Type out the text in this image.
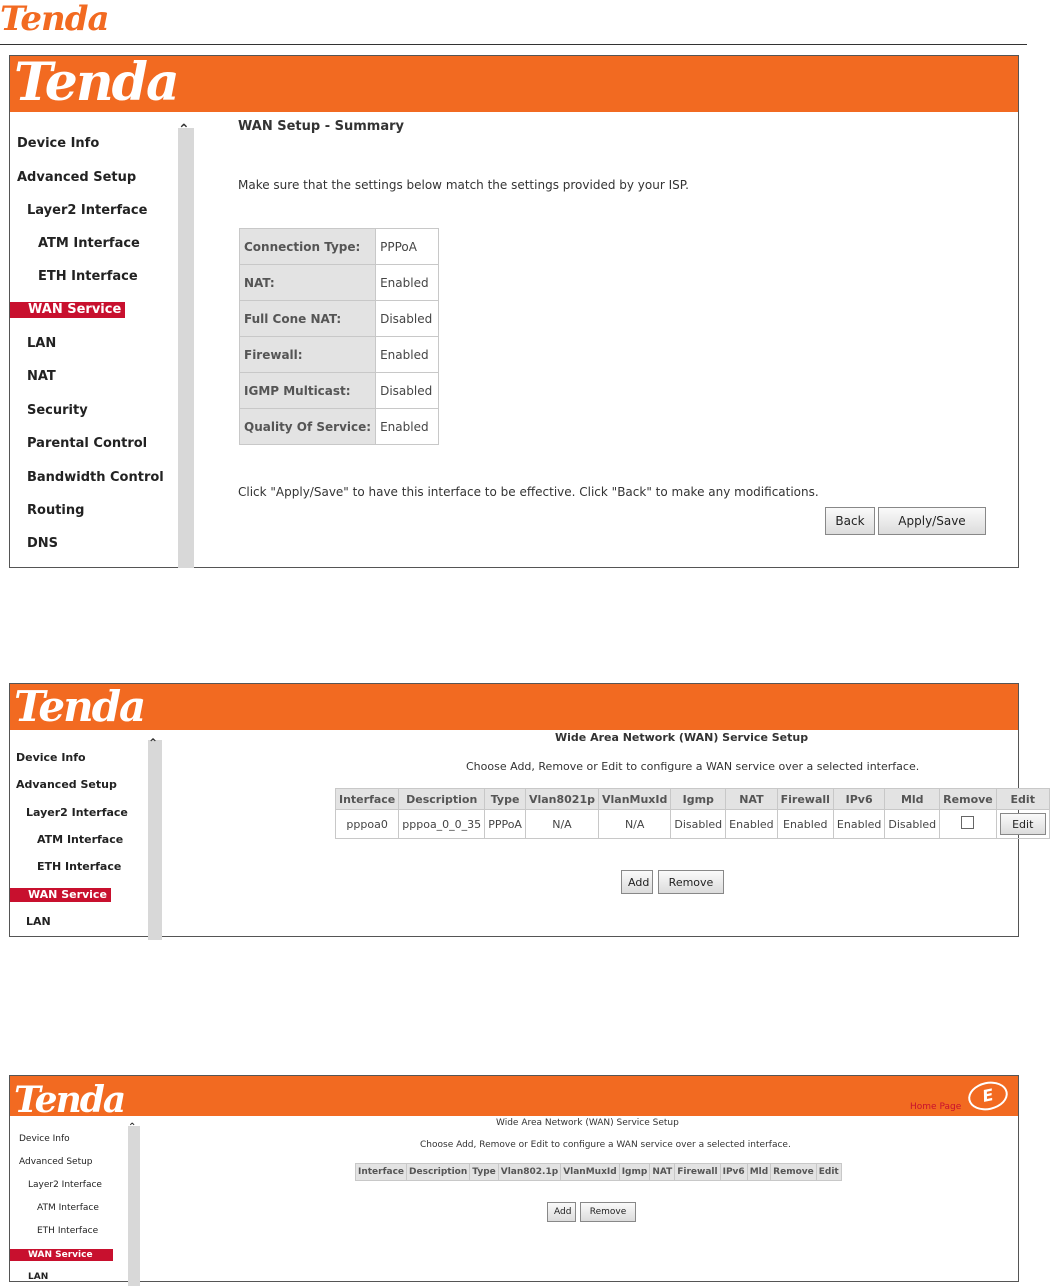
Tenda
Tenda
⌃
Device Info
Advanced Setup
Layer2 Interface
ATM Interface
ETH Interface
WAN Service
LAN
NAT
Security
Parental Control
Bandwidth Control
Routing
DNS
WAN Setup - Summary
Make sure that the settings below match the settings provided by your ISP.
Connection Type:	PPPoA
NAT:	Enabled
Full Cone NAT:	Disabled
Firewall:	Enabled
IGMP Multicast:	Disabled
Quality Of Service:	Enabled
Click "Apply/Save" to have this interface to be effective. Click "Back" to make any modifications.
Back	Apply/Save
Tenda
⌃
Device Info
Advanced Setup
Layer2 Interface
ATM Interface
ETH Interface
WAN Service
LAN
Wide Area Network (WAN) Service Setup
Choose Add, Remove or Edit to configure a WAN service over a selected interface.
Interface	Description	Type	Vlan8021p	VlanMuxId	Igmp	NAT	Firewall	IPv6	Mld	Remove	Edit
pppoa0	pppoa_0_0_35	PPPoA	N/A	N/A	Disabled	Enabled	Enabled	Enabled	Disabled		Edit
Add	Remove
Tenda	Home Page
E
⌃
Device Info
Advanced Setup
Layer2 Interface
ATM Interface
ETH Interface
WAN Service
LAN
Wide Area Network (WAN) Service Setup
Choose Add, Remove or Edit to configure a WAN service over a selected interface.
Interface	Description	Type	Vlan802.1p	VlanMuxId	Igmp	NAT	Firewall	IPv6	Mld	Remove	Edit
Add	Remove
